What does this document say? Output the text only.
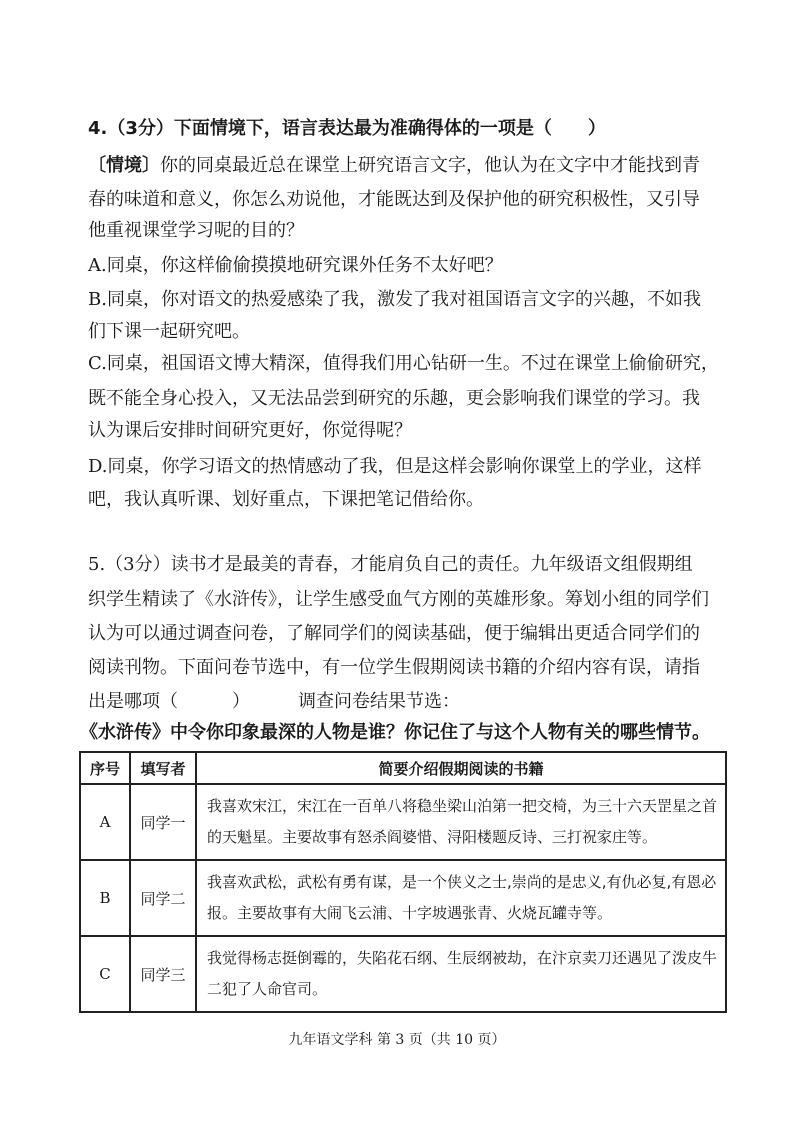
4.（3分）下面情境下，语言表达最为准确得体的一项是（　　）
〔情境〕你的同桌最近总在课堂上研究语言文字，他认为在文字中才能找到青
春的味道和意义，你怎么劝说他，才能既达到及保护他的研究积极性，又引导
他重视课堂学习呢的目的？
A.同桌，你这样偷偷摸摸地研究课外任务不太好吧？
B.同桌，你对语文的热爱感染了我，激发了我对祖国语言文字的兴趣，不如我
们下课一起研究吧。
C.同桌，祖国语文博大精深，值得我们用心钻研一生。不过在课堂上偷偷研究，
既不能全身心投入，又无法品尝到研究的乐趣，更会影响我们课堂的学习。我
认为课后安排时间研究更好，你觉得呢？
D.同桌，你学习语文的热情感动了我，但是这样会影响你课堂上的学业，这样
吧，我认真听课、划好重点，下课把笔记借给你。
5.（3分）读书才是最美的青春，才能肩负自己的责任。九年级语文组假期组
织学生精读了《水浒传》，让学生感受血气方刚的英雄形象。筹划小组的同学们
认为可以通过调查问卷，了解同学们的阅读基础，便于编辑出更适合同学们的
阅读刊物。下面问卷节选中，有一位学生假期阅读书籍的介绍内容有误，请指
出是哪项（　　　）	调查问卷结果节选：
《水浒传》中令你印象最深的人物是谁？你记住了与这个人物有关的哪些情节。
序号	填写者	简要介绍假期阅读的书籍
A	同学一	我喜欢宋江，宋江在一百单八将稳坐梁山泊第一把交椅，为三十六天罡星之首的天魁星。主要故事有怒杀阎婆惜、浔阳楼题反诗、三打祝家庄等。
B	同学二	我喜欢武松，武松有勇有谋，是一个侠义之士,崇尚的是忠义,有仇必复,有恩必报。主要故事有大闹飞云浦、十字坡遇张青、火烧瓦罐寺等。
C	同学三	我觉得杨志挺倒霉的，失陷花石纲、生辰纲被劫，在汴京卖刀还遇见了泼皮牛二犯了人命官司。
九年语文学科 第 3 页（共 10 页）
